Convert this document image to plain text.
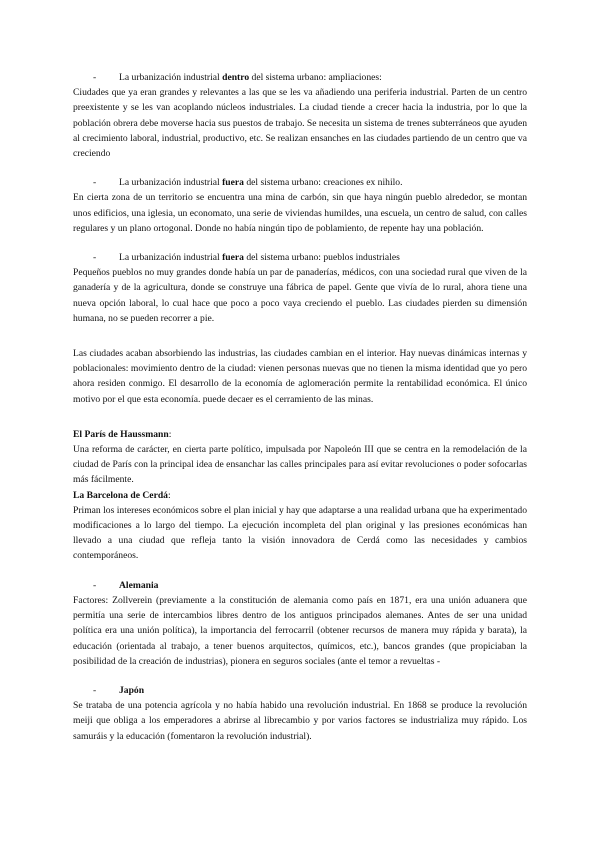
- La urbanización industrial dentro del sistema urbano: ampliaciones:
Ciudades que ya eran grandes y relevantes a las que se les va añadiendo una periferia industrial. Parten de un centro preexistente y se les van acoplando núcleos industriales. La ciudad tiende a crecer hacia la industria, por lo que la población obrera debe moverse hacia sus puestos de trabajo. Se necesita un sistema de trenes subterráneos que ayuden al crecimiento laboral, industrial, productivo, etc. Se realizan ensanches en las ciudades partiendo de un centro que va creciendo
- La urbanización industrial fuera del sistema urbano: creaciones ex nihilo.
En cierta zona de un territorio se encuentra una mina de carbón, sin que haya ningún pueblo alrededor, se montan unos edificios, una iglesia, un economato, una serie de viviendas humildes, una escuela, un centro de salud, con calles regulares y un plano ortogonal. Donde no había ningún tipo de poblamiento, de repente hay una población.
- La urbanización industrial fuera del sistema urbano: pueblos industriales
Pequeños pueblos no muy grandes donde había un par de panaderías, médicos, con una sociedad rural que viven de la ganadería y de la agricultura, donde se construye una fábrica de papel. Gente que vivía de lo rural, ahora tiene una nueva opción laboral, lo cual hace que poco a poco vaya creciendo el pueblo. Las ciudades pierden su dimensión humana, no se pueden recorrer a pie.
Las ciudades acaban absorbiendo las industrias, las ciudades cambian en el interior. Hay nuevas dinámicas internas y poblacionales: movimiento dentro de la ciudad: vienen personas nuevas que no tienen la misma identidad que yo pero ahora residen conmigo. El desarrollo de la economía de aglomeración permite la rentabilidad económica. El único motivo por el que esta economía. puede decaer es el cerramiento de las minas.
El París de Haussmann:
Una reforma de carácter, en cierta parte político, impulsada por Napoleón III que se centra en la remodelación de la ciudad de París con la principal idea de ensanchar las calles principales para así evitar revoluciones o poder sofocarlas más fácilmente.
La Barcelona de Cerdá:
Priman los intereses económicos sobre el plan inicial y hay que adaptarse a una realidad urbana que ha experimentado modificaciones a lo largo del tiempo. La ejecución incompleta del plan original y las presiones económicas han llevado a una ciudad que refleja tanto la visión innovadora de Cerdá como las necesidades y cambios contemporáneos.
- Alemania
Factores: Zollverein (previamente a la constitución de alemania como país en 1871, era una unión aduanera que permitía una serie de intercambios libres dentro de los antiguos principados alemanes. Antes de ser una unidad política era una unión política), la importancia del ferrocarril (obtener recursos de manera muy rápida y barata), la educación (orientada al trabajo, a tener buenos arquitectos, químicos, etc.), bancos grandes (que propiciaban la posibilidad de la creación de industrias), pionera en seguros sociales (ante el temor a revueltas -
- Japón
Se trataba de una potencia agrícola y no había habido una revolución industrial. En 1868 se produce la revolución meiji que obliga a los emperadores a abrirse al librecambio y por varios factores se industrializa muy rápido. Los samuráis y la educación (fomentaron la revolución industrial).
